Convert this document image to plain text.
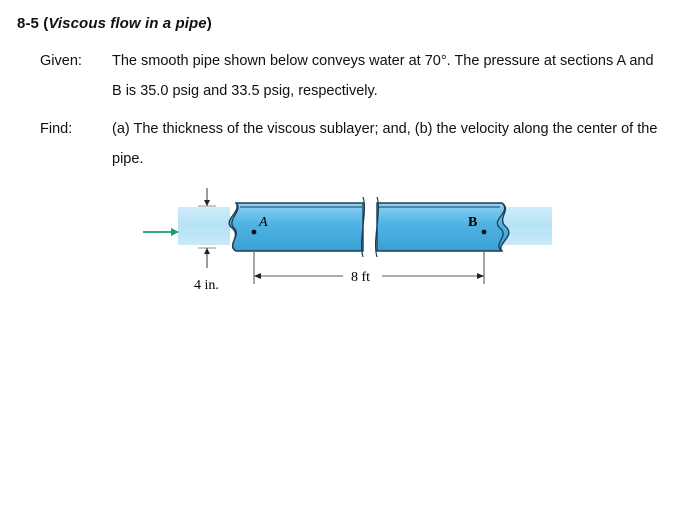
8-5 (Viscous flow in a pipe)
Given: The smooth pipe shown below conveys water at 70°. The pressure at sections A and
B is 35.0 psig and 33.5 psig, respectively.
Find:	(a) The thickness of the viscous sublayer; and, (b) the velocity along the center of the
pipe.
A	B
8 ft
4 in.
